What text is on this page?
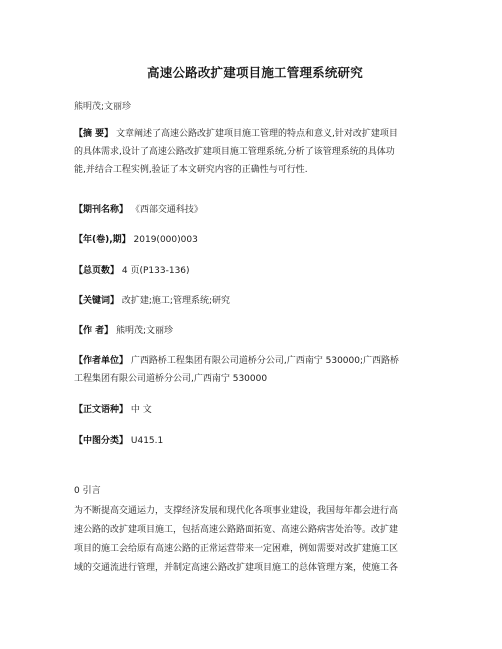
高速公路改扩建项目施工管理系统研究
熊明茂;文丽珍
【摘 要】 文章阐述了高速公路改扩建项目施工管理的特点和意义,针对改扩建项目
的具体需求,设计了高速公路改扩建项目施工管理系统,分析了该管理系统的具体功
能,并结合工程实例,验证了本文研究内容的正确性与可行性.
【期刊名称】 《西部交通科技》
【年(卷),期】 2019(000)003
【总页数】 4 页(P133-136)
【关键词】 改扩建;施工;管理系统;研究
【作 者】 熊明茂;文丽珍
【作者单位】 广西路桥工程集团有限公司道桥分公司,广西南宁 530000;广西路桥
工程集团有限公司道桥分公司,广西南宁 530000
【正文语种】 中 文
【中图分类】 U415.1
0 引言
为不断提高交通运力，支撑经济发展和现代化各项事业建设，我国每年都会进行高
速公路的改扩建项目施工，包括高速公路路面拓宽、高速公路病害处治等。改扩建
项目的施工会给原有高速公路的正常运营带来一定困难，例如需要对改扩建施工区
域的交通流进行管理，并制定高速公路改扩建项目施工的总体管理方案，使施工各
